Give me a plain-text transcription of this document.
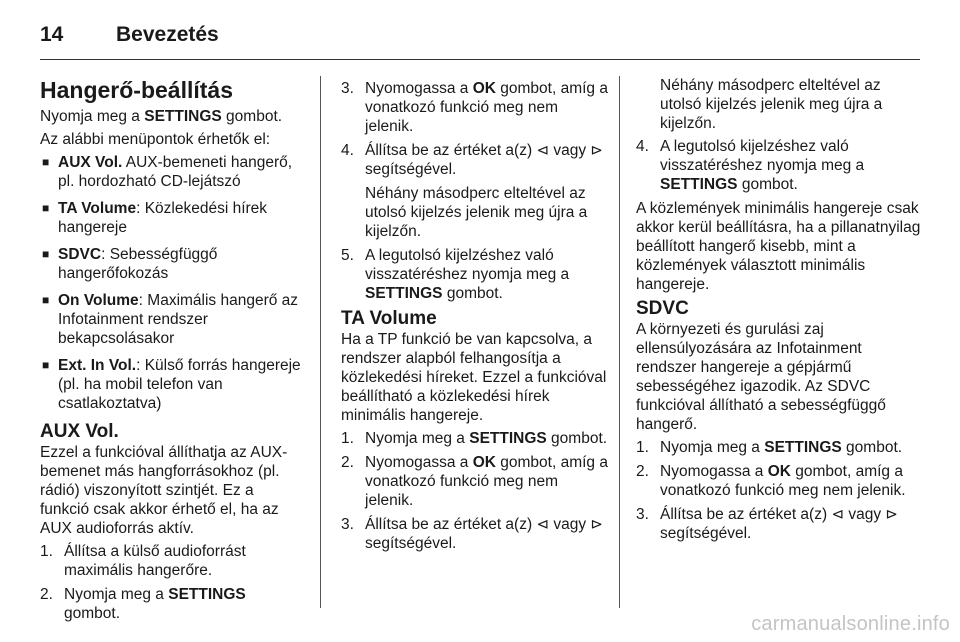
14	Bevezetés
Hangerő-beállítás

Nyomja meg a SETTINGS gombot.

Az alábbi menüpontok érhetők el:

■ AUX Vol. AUX-bemeneti hangerő, pl. hordozható CD-lejátszó
■ TA Volume: Közlekedési hírek hangereje
■ SDVC: Sebességfüggő hangerőfokozás
■ On Volume: Maximális hangerő az Infotainment rendszer bekapcsolásakor
■ Ext. In Vol.: Külső forrás hangereje (pl. ha mobil telefon van csatlakoztatva)
AUX Vol.

Ezzel a funkcióval állíthatja az AUX-bemenet más hangforrásokhoz (pl. rádió) viszonyított szintjét. Ez a funkció csak akkor érhető el, ha az AUX audioforrás aktív.

1. Állítsa a külső audioforrást maximális hangerőre.
2. Nyomja meg a SETTINGS gombot.
3. Nyomogassa a OK gombot, amíg a vonatkozó funkció meg nem jelenik.
4. Állítsa be az értéket a(z) ⊲ vagy ⊳ segítségével.

Néhány másodperc elteltével az utolsó kijelzés jelenik meg újra a kijelzőn.

5. A legutolsó kijelzéshez való visszatéréshez nyomja meg a SETTINGS gombot.
TA Volume

Ha a TP funkció be van kapcsolva, a rendszer alapból felhangosítja a közlekedési híreket. Ezzel a funkcióval beállítható a közlekedési hírek minimális hangereje.

1. Nyomja meg a SETTINGS gombot.
2. Nyomogassa a OK gombot, amíg a vonatkozó funkció meg nem jelenik.
3. Állítsa be az értéket a(z) ⊲ vagy ⊳ segítségével.

Néhány másodperc elteltével az utolsó kijelzés jelenik meg újra a kijelzőn.

4. A legutolsó kijelzéshez való visszatéréshez nyomja meg a SETTINGS gombot.

A közlemények minimális hangereje csak akkor kerül beállításra, ha a pillanatnyilag beállított hangerő kisebb, mint a közlemények választott minimális hangereje.

SDVC

A környezeti és gurulási zaj ellensúlyozására az Infotainment rendszer hangereje a gépjármű sebességéhez igazodik. Az SDVC funkcióval állítható a sebességfüggő hangerő.

1. Nyomja meg a SETTINGS gombot.
2. Nyomogassa a OK gombot, amíg a vonatkozó funkció meg nem jelenik.
3. Állítsa be az értéket a(z) ⊲ vagy ⊳ segítségével.
carmanualsonline.info
